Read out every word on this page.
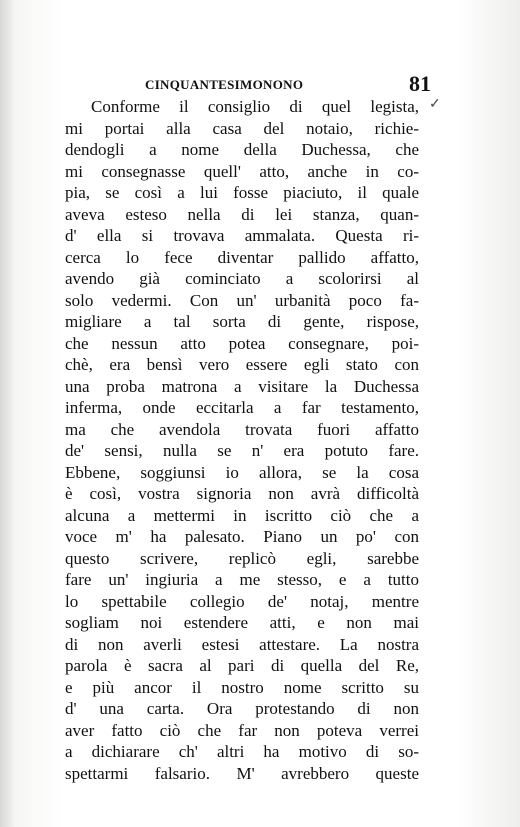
CINQUANTESIMONONO	81
Conforme il consiglio di quel legista,
mi portai alla casa del notaio, richie-
dendogli a nome della Duchessa, che
mi consegnasse quell' atto, anche in co-
pia, se così a lui fosse piaciuto, il quale
aveva esteso nella di lei stanza, quan-
d' ella si trovava ammalata. Questa ri-
cerca lo fece diventar pallido affatto,
avendo già cominciato a scolorirsi al
solo vedermi. Con un' urbanità poco fa-
migliare a tal sorta di gente, rispose,
che nessun atto potea consegnare, poi-
chè, era bensì vero essere egli stato con
una proba matrona a visitare la Duchessa
inferma, onde eccitarla a far testamento,
ma che avendola trovata fuori affatto
de' sensi, nulla se n' era potuto fare.
Ebbene, soggiunsi io allora, se la cosa
è così, vostra signoria non avrà difficoltà
alcuna a mettermi in iscritto ciò che a
voce m' ha palesato. Piano un po' con
questo scrivere, replicò egli, sarebbe
fare un' ingiuria a me stesso, e a tutto
lo spettabile collegio de' notaj, mentre
sogliam noi estendere atti, e non mai
di non averli estesi attestare. La nostra
parola è sacra al pari di quella del Re,
e più ancor il nostro nome scritto su
d' una carta. Ora protestando di non
aver fatto ciò che far non poteva verrei
a dichiarare ch' altri ha motivo di so-
spettarmi falsario. M' avrebbero queste
✓
